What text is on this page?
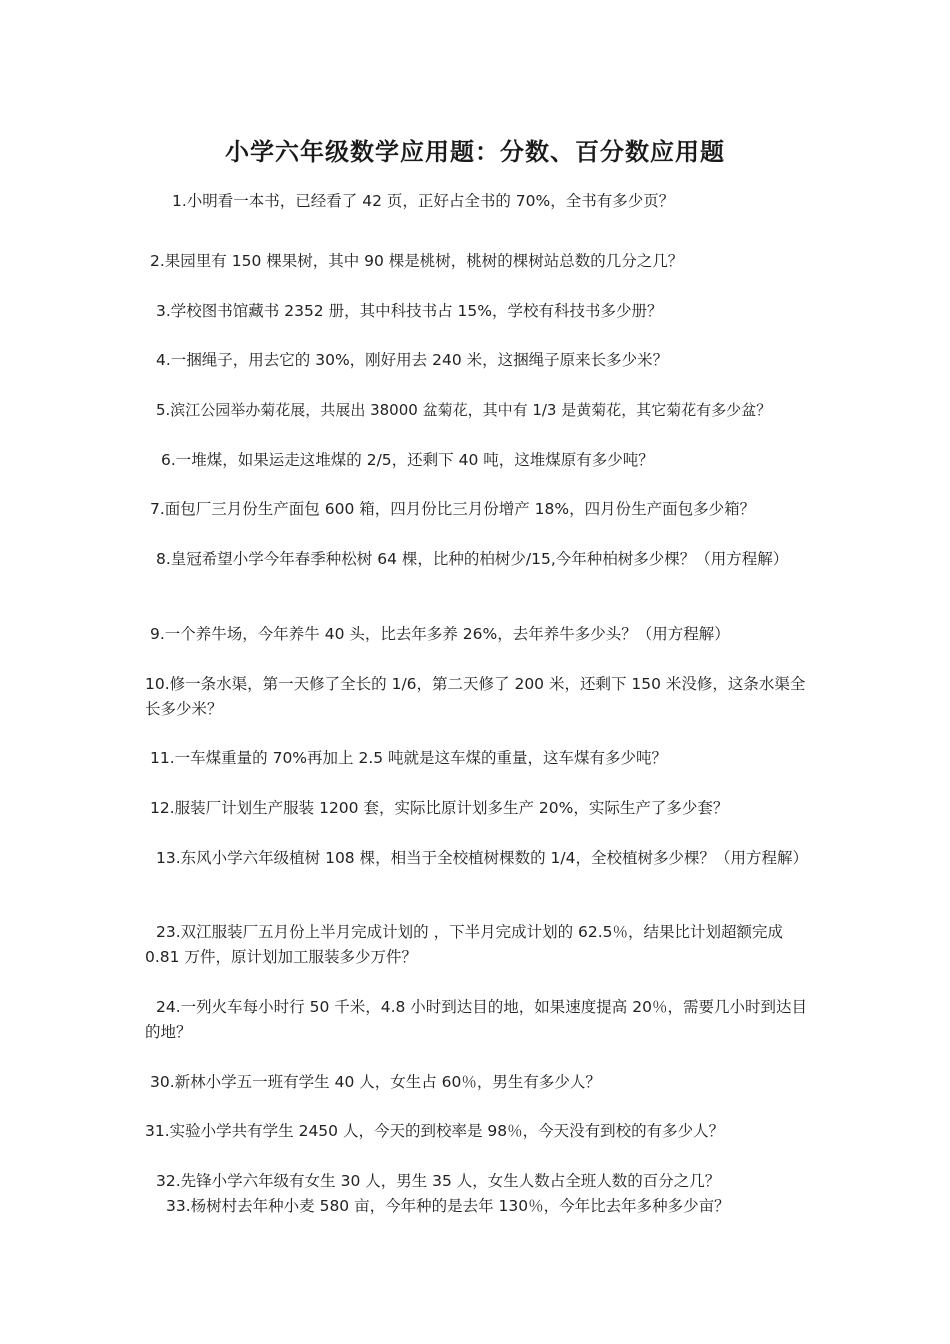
小学六年级数学应用题：分数、百分数应用题
1.小明看一本书，已经看了 42 页，正好占全书的 70%，全书有多少页？
2.果园里有 150 棵果树，其中 90 棵是桃树，桃树的棵树站总数的几分之几？
3.学校图书馆藏书 2352 册，其中科技书占 15%，学校有科技书多少册？
4.一捆绳子，用去它的 30%，刚好用去 240 米，这捆绳子原来长多少米？
5.滨江公园举办菊花展，共展出 38000 盆菊花，其中有 1/3 是黄菊花，其它菊花有多少盆？
6.一堆煤，如果运走这堆煤的 2/5，还剩下 40 吨，这堆煤原有多少吨？
7.面包厂三月份生产面包 600 箱，四月份比三月份增产 18%，四月份生产面包多少箱？
8.皇冠希望小学今年春季种松树 64 棵，比种的柏树少/15,今年种柏树多少棵？（用方程解）
9.一个养牛场，今年养牛 40 头，比去年多养 26%，去年养牛多少头？（用方程解）
10.修一条水渠，第一天修了全长的 1/6，第二天修了 200 米，还剩下 150 米没修，这条水渠全长多少米？
11.一车煤重量的 70%再加上 2.5 吨就是这车煤的重量，这车煤有多少吨？
12.服装厂计划生产服装 1200 套，实际比原计划多生产 20%，实际生产了多少套？
13.东风小学六年级植树 108 棵，相当于全校植树棵数的 1/4，全校植树多少棵？（用方程解）
23.双江服装厂五月份上半月完成计划的 ，下半月完成计划的 62.5％，结果比计划超额完成 0.81 万件，原计划加工服装多少万件？
24.一列火车每小时行 50 千米，4.8 小时到达目的地，如果速度提高 20％，需要几小时到达目的地？
30.新林小学五一班有学生 40 人，女生占 60％，男生有多少人？
31.实验小学共有学生 2450 人，今天的到校率是 98％，今天没有到校的有多少人？
32.先锋小学六年级有女生 30 人，男生 35 人，女生人数占全班人数的百分之几？
33.杨树村去年种小麦 580 亩，今年种的是去年 130％，今年比去年多种多少亩？
